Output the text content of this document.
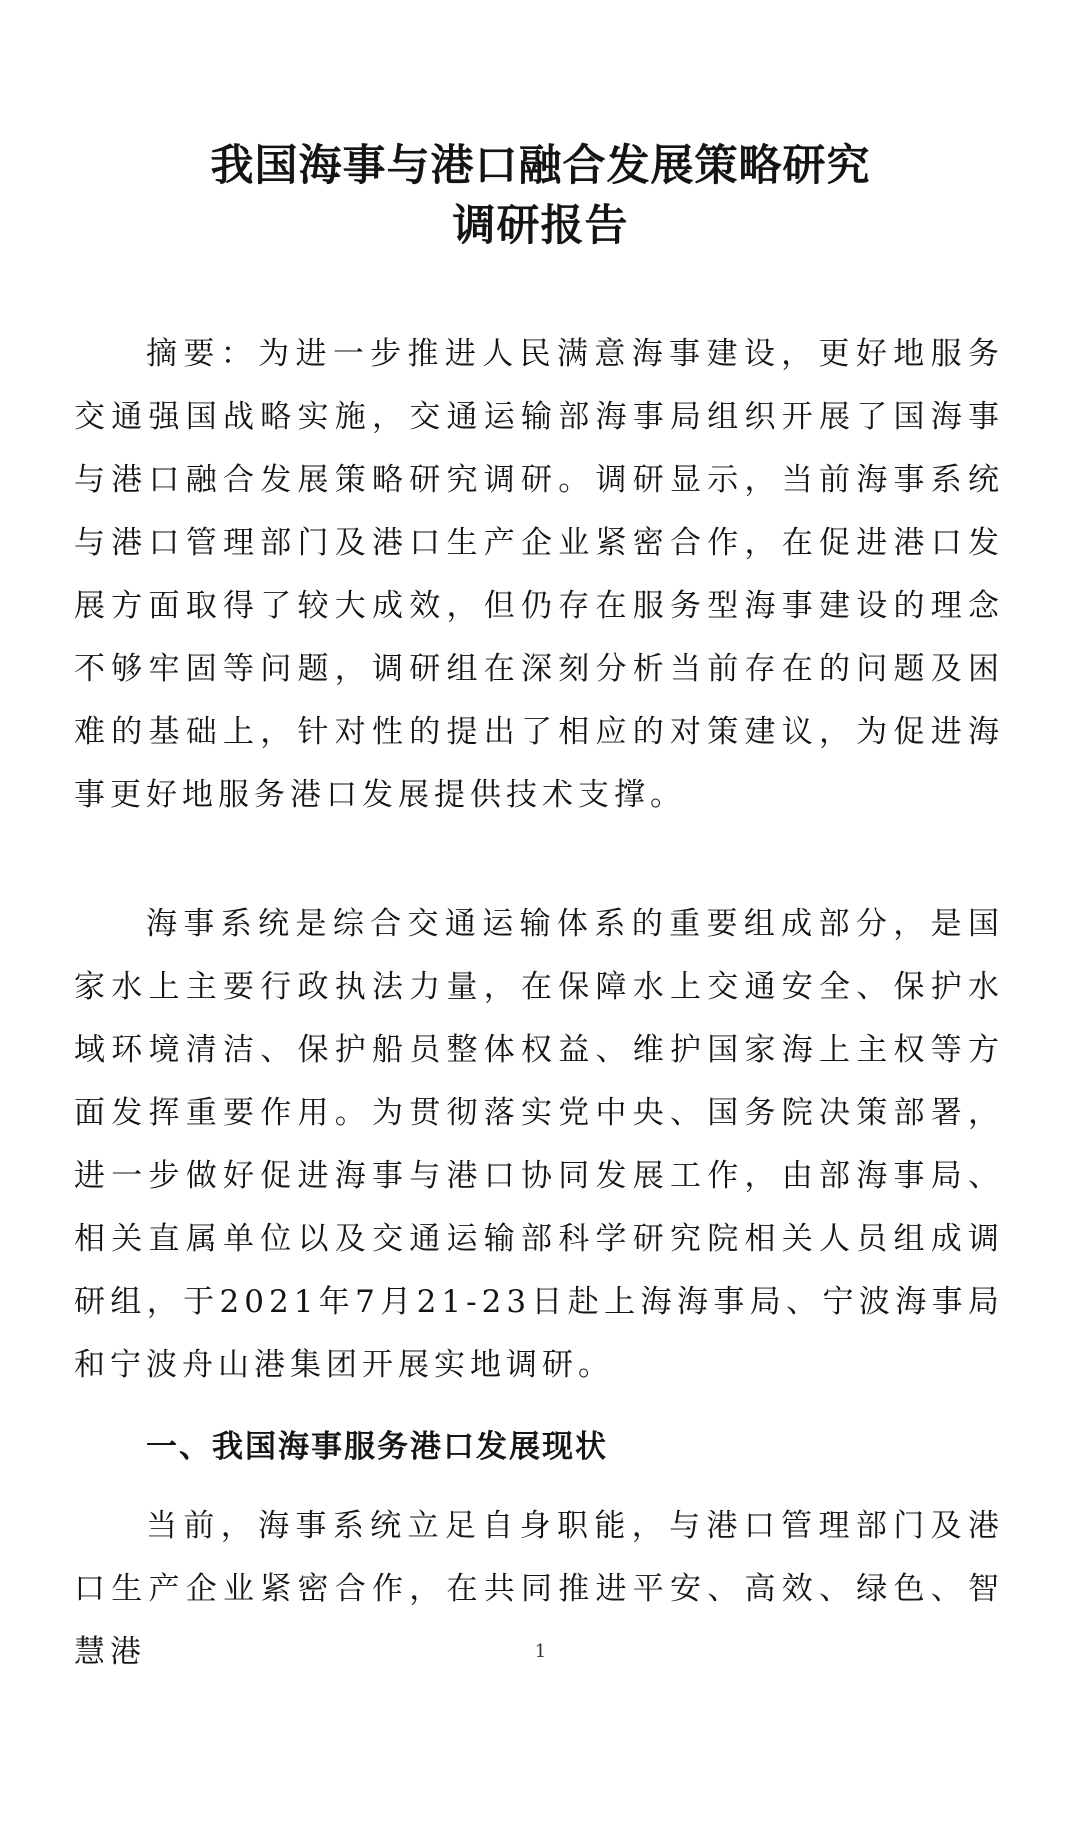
我国海事与港口融合发展策略研究
调研报告

摘要：为进一步推进人民满意海事建设，更好地服务交通强国战略实施，交通运输部海事局组织开展了国海事与港口融合发展策略研究调研。调研显示，当前海事系统与港口管理部门及港口生产企业紧密合作，在促进港口发展方面取得了较大成效，但仍存在服务型海事建设的理念不够牢固等问题，调研组在深刻分析当前存在的问题及困难的基础上，针对性的提出了相应的对策建议，为促进海事更好地服务港口发展提供技术支撑。

海事系统是综合交通运输体系的重要组成部分，是国家水上主要行政执法力量，在保障水上交通安全、保护水域环境清洁、保护船员整体权益、维护国家海上主权等方面发挥重要作用。为贯彻落实党中央、国务院决策部署，进一步做好促进海事与港口协同发展工作，由部海事局、相关直属单位以及交通运输部科学研究院相关人员组成调研组，于2021年7月21-23日赴上海海事局、宁波海事局和宁波舟山港集团开展实地调研。

一、我国海事服务港口发展现状

当前，海事系统立足自身职能，与港口管理部门及港口生产企业紧密合作，在共同推进平安、高效、绿色、智慧港	1
